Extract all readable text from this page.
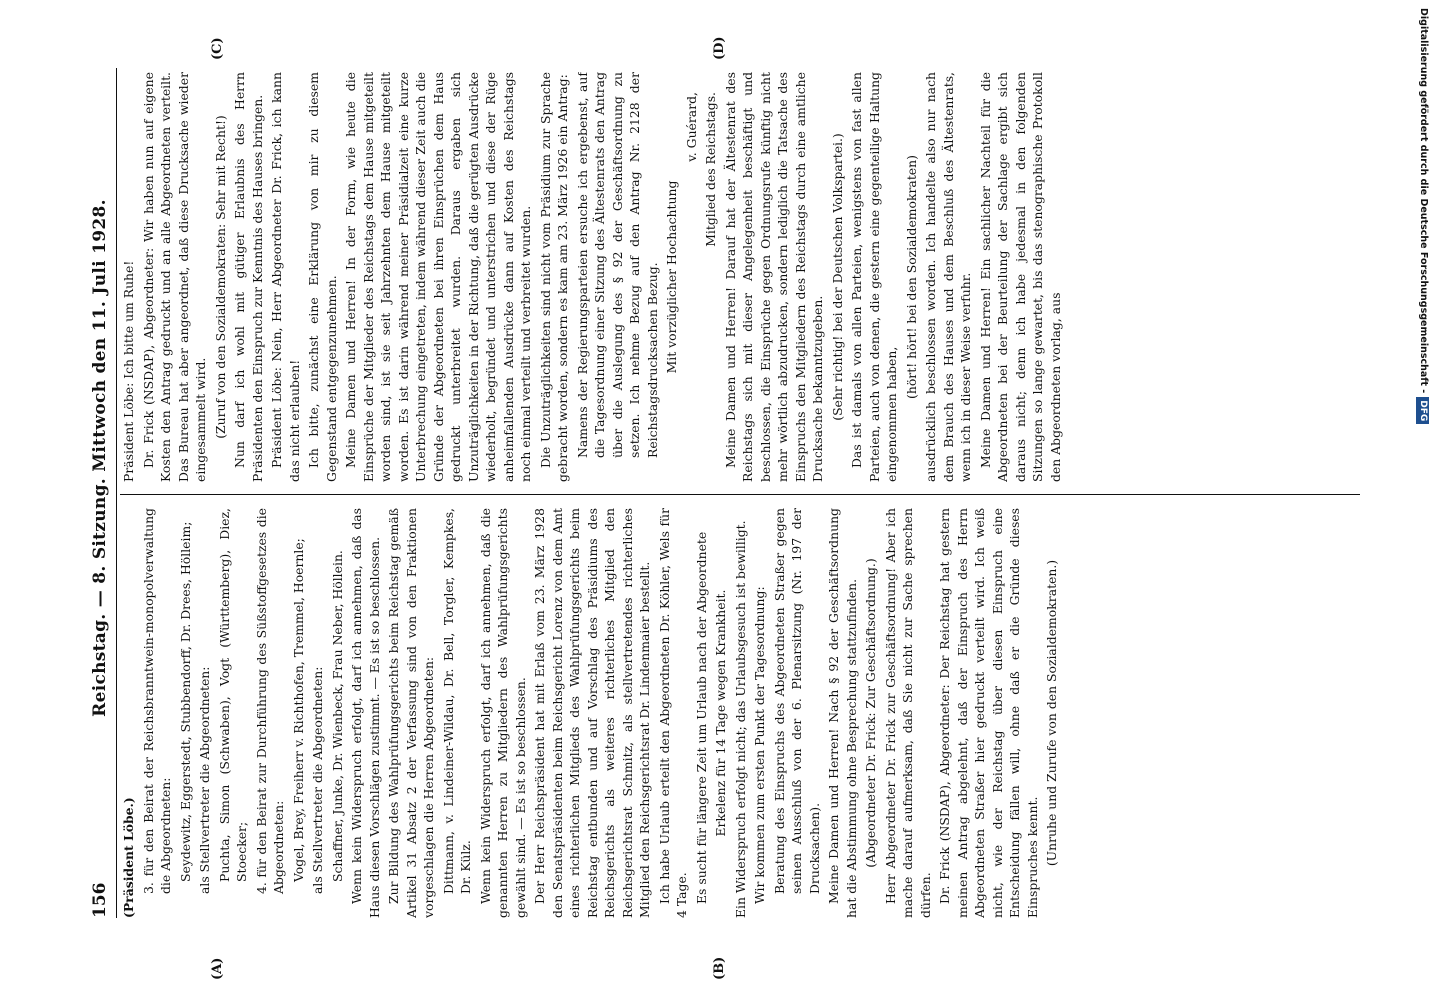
156
Reichstag. — 8. Sitzung. Mittwoch den 11. Juli 1928.
(A)	(B)
(C)	(D)

(Präsident Löbe.) 3. für den Beirat der Reichsbranntwein-monopolverwaltung die Abgeordneten: Seydewitz, Eggerstedt, Stubbendorff, Dr. Drees, Hölleim; als Stellvertreter die Abgeordneten: Puchta, Simon (Schwaben), Vogt (Württemberg), Diez, Stoecker; 4. für den Beirat zur Durchführung des Süßstoffgesetzes die Abgeordneten: Vogel, Brey, Freiherr v. Richthofen, Tremmel, Hoernle; als Stellvertreter die Abgeordneten: Schaffner, Junke, Dr. Wienbeck, Frau Neber, Höllein. Wenn kein Widerspruch erfolgt, darf ich annehmen, daß das Haus diesen Vorschlägen zustimmt. — Es ist so beschlossen. Zur Bildung des Wahlprüfungsgerichts beim Reichstag gemäß Artikel 31 Absatz 2 der Verfassung sind von den Fraktionen vorgeschlagen die Herren Abgeordneten: Dittmann, v. Lindeiner-Wildau, Dr. Bell, Torgler, Kempkes, Dr. Külz. Wenn kein Widerspruch erfolgt, darf ich annehmen, daß die genannten Herren zu Mitgliedern des Wahlprüfungsgerichts gewählt sind. — Es ist so beschlossen. Der Herr Reichspräsident hat mit Erlaß vom 23. März 1928 den Senatspräsidenten beim Reichsgericht Lorenz von dem Amt eines richterlichen Mitglieds des Wahlprüfungsgerichts beim Reichstag entbunden und auf Vorschlag des Präsidiums des Reichsgerichts als weiteres richterliches Mitglied den Reichsgerichtsrat Schmitz, als stellvertretendes richterliches Mitglied den Reichsgerichtsrat Dr. Lindenmaier bestellt. Ich habe Urlaub erteilt den Abgeordneten Dr. Köhler, Wels für 4 Tage. Es sucht für längere Zeit um Urlaub nach der Abgeordnete Erkelenz für 14 Tage wegen Krankheit. Ein Widerspruch erfolgt nicht; das Urlaubsgesuch ist bewilligt. Wir kommen zum ersten Punkt der Tagesordnung: Beratung des Einspruchs des Abgeordneten Straßer gegen seinen Ausschluß von der 6. Plenarsitzung (Nr. 197 der Drucksachen). Meine Damen und Herren! Nach § 92 der Geschäftsordnung hat die Abstimmung ohne Besprechung stattzufinden. (Abgeordneter Dr. Frick: Zur Geschäftsordnung.) Herr Abgeordneter Dr. Frick zur Geschäftsordnung! Aber ich mache darauf aufmerksam, daß Sie nicht zur Sache sprechen dürfen. Dr. Frick (NSDAP), Abgeordneter: Der Reichstag hat gestern meinen Antrag abgelehnt, daß der Einspruch des Herrn Abgeordneten Straßer hier gedruckt verteilt wird. Ich weiß nicht, wie der Reichstag über diesen Einspruch eine Entscheidung fällen will, ohne daß er die Gründe dieses Einspruches kennt. (Unruhe und Zurufe von den Sozialdemokraten.)

Präsident Löbe: Ich bitte um Ruhe! Dr. Frick (NSDAP), Abgeordneter: Wir haben nun auf eigene Kosten den Antrag gedruckt und an alle Abgeordneten verteilt. Das Bureau hat aber angeordnet, daß diese Drucksache wieder eingesammelt wird. (Zuruf von den Sozialdemokraten: Sehr mit Recht!) Nun darf ich wohl mit gütiger Erlaubnis des Herrn Präsidenten den Einspruch zur Kenntnis des Hauses bringen. Präsident Löbe: Nein, Herr Abgeordneter Dr. Frick, ich kann das nicht erlauben! Ich bitte, zunächst eine Erklärung von mir zu diesem Gegenstand entgegenzunehmen. Meine Damen und Herren! In der Form, wie heute die Einsprüche der Mitglieder des Reichstags dem Hause mitgeteilt worden sind, ist sie seit Jahrzehnten dem Hause mitgeteilt worden. Es ist darin während meiner Präsidialzeit eine kurze Unterbrechung eingetreten, indem während dieser Zeit auch die Gründe der Abgeordneten bei ihren Einsprüchen dem Haus gedruckt unterbreitet wurden. Daraus ergaben sich Unzuträglichkeiten in der Richtung, daß die gerügten Ausdrücke wiederholt, begründet und unterstrichen und diese der Rüge anheimfallenden Ausdrücke dann auf Kosten des Reichstags noch einmal verteilt und verbreitet wurden. Die Unzuträglichkeiten sind nicht vom Präsidium zur Sprache gebracht worden, sondern es kam am 23. März 1926 ein Antrag: Namens der Regierungsparteien ersuche ich ergebenst, auf die Tagesordnung einer Sitzung des Ältestenrats den Antrag über die Auslegung des § 92 der Geschäftsordnung zu setzen. Ich nehme Bezug auf den Antrag Nr. 2128 der Reichstagsdrucksachen Bezug. Mit vorzüglicher Hochachtung

v. Guérard, Mitglied des Reichstags. Meine Damen und Herren! Darauf hat der Ältestenrat des Reichstags sich mit dieser Angelegenheit beschäftigt und beschlossen, die Einsprüche gegen Ordnungsrufe künftig nicht mehr wörtlich abzudrucken, sondern lediglich die Tatsache des Einspruchs den Mitgliedern des Reichstags durch eine amtliche Drucksache bekanntzugeben. (Sehr richtig! bei der Deutschen Volkspartei.) Das ist damals von allen Parteien, wenigstens von fast allen Parteien, auch von denen, die gestern eine gegenteilige Haltung eingenommen haben,

(hört! hört! bei den Sozialdemokraten) ausdrücklich beschlossen worden. Ich handelte also nur nach dem Brauch des Hauses und dem Beschluß des Ältestenrats, wenn ich in dieser Weise verfuhr. Meine Damen und Herren! Ein sachlicher Nachteil für die Abgeordneten bei der Beurteilung der Sachlage ergibt sich daraus nicht; denn ich habe jedesmal in den folgenden Sitzungen so lange gewartet, bis das stenographische Protokoll den Abgeordneten vorlag, aus	Digitalisierung gefördert durch die Deutsche Forschungsgemeinschaft -
DFG
